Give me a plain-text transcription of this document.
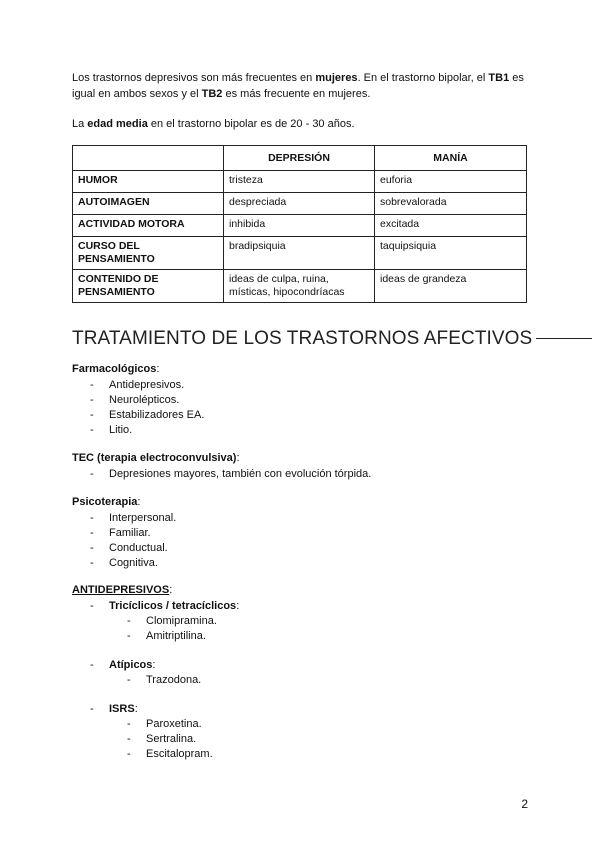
Los trastornos depresivos son más frecuentes en mujeres. En el trastorno bipolar, el TB1 es igual en ambos sexos y el TB2 es más frecuente en mujeres.

La edad media en el trastorno bipolar es de 20 - 30 años.

	DEPRESIÓN	MANÍA
HUMOR	tristeza	euforia
AUTOIMAGEN	despreciada	sobrevalorada
ACTIVIDAD MOTORA	inhibida	excitada
CURSO DEL PENSAMIENTO	bradipsiquia	taquipsiquia
CONTENIDO DE PENSAMIENTO	ideas de culpa, ruina, místicas, hipocondríacas	ideas de grandeza
TRATAMIENTO DE LOS TRASTORNOS AFECTIVOS
Farmacológicos:
- Antidepresivos.
- Neurolépticos.
- Estabilizadores EA.
- Litio.
TEC (terapia electroconvulsiva):
- Depresiones mayores, también con evolución tórpida.
Psicoterapia:
- Interpersonal.
- Familiar.
- Conductual.
- Cognitiva.
ANTIDEPRESIVOS:
- Tricíclicos / tetracíclicos:
- Clomipramina.
- Amitriptilina.
- Atípicos:
- Trazodona.
- ISRS:
- Paroxetina.
- Sertralina.
- Escitalopram.
2
